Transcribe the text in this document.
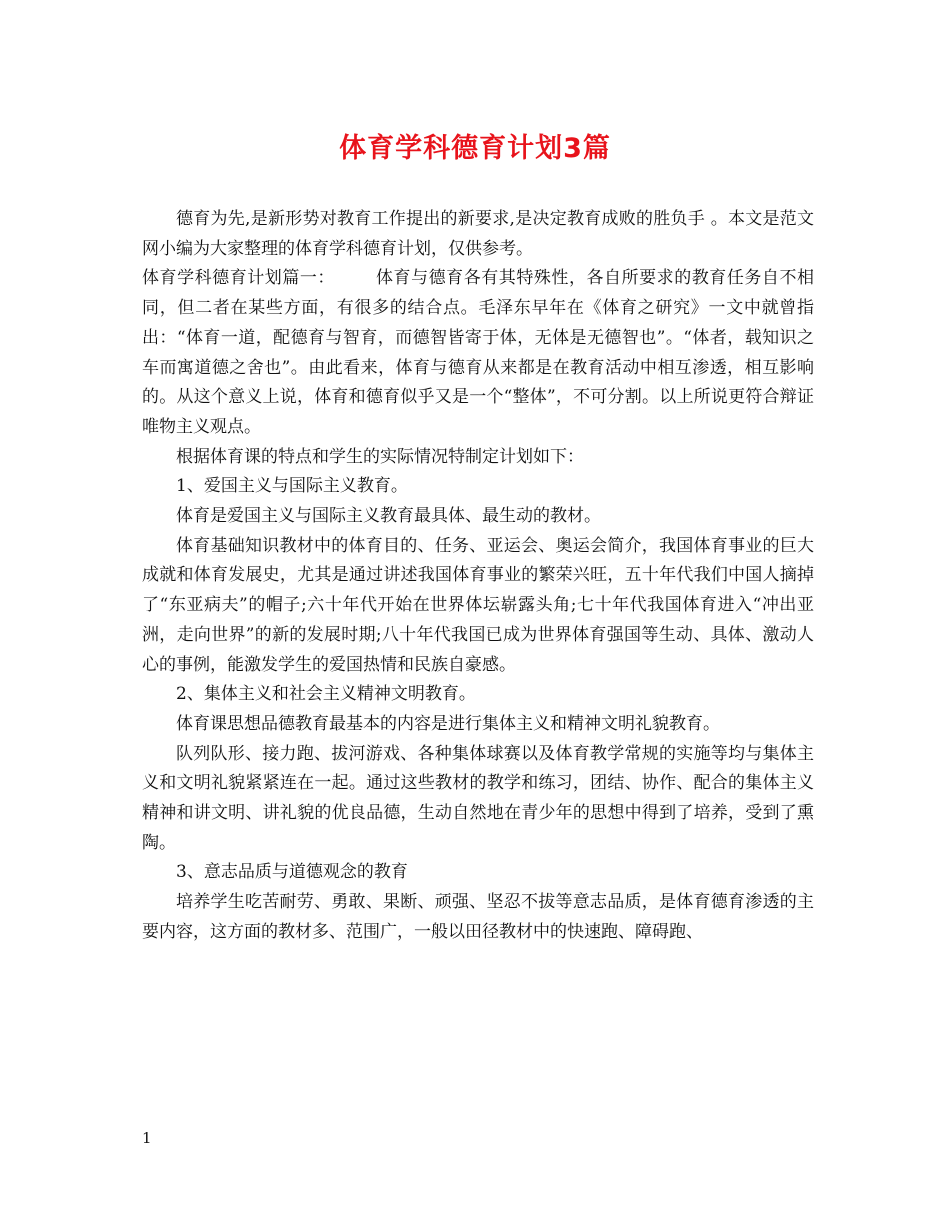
体育学科德育计划3篇

德育为先,是新形势对教育工作提出的新要求,是决定教育成败的胜负手 。本文是范文网小编为大家整理的体育学科德育计划，仅供参考。

体育学科德育计划篇一： 　　体育与德育各有其特殊性，各自所要求的教育任务自不相同，但二者在某些方面，有很多的结合点。毛泽东早年在《体育之研究》一文中就曾指出：“体育一道，配德育与智育，而德智皆寄于体，无体是无德智也”。“体者，载知识之车而寓道德之舍也”。由此看来，体育与德育从来都是在教育活动中相互渗透，相互影响的。从这个意义上说，体育和德育似乎又是一个“整体”，不可分割。以上所说更符合辩证唯物主义观点。

根据体育课的特点和学生的实际情况特制定计划如下：

1、爱国主义与国际主义教育。

体育是爱国主义与国际主义教育最具体、最生动的教材。

体育基础知识教材中的体育目的、任务、亚运会、奥运会简介，我国体育事业的巨大成就和体育发展史，尤其是通过讲述我国体育事业的繁荣兴旺，五十年代我们中国人摘掉了“东亚病夫”的帽子;六十年代开始在世界体坛崭露头角;七十年代我国体育进入“冲出亚洲，走向世界”的新的发展时期;八十年代我国已成为世界体育强国等生动、具体、激动人心的事例，能激发学生的爱国热情和民族自豪感。

2、集体主义和社会主义精神文明教育。

体育课思想品德教育最基本的内容是进行集体主义和精神文明礼貌教育。

队列队形、接力跑、拔河游戏、各种集体球赛以及体育教学常规的实施等均与集体主义和文明礼貌紧紧连在一起。通过这些教材的教学和练习，团结、协作、配合的集体主义精神和讲文明、讲礼貌的优良品德，生动自然地在青少年的思想中得到了培养，受到了熏陶。

3、意志品质与道德观念的教育

培养学生吃苦耐劳、勇敢、果断、顽强、坚忍不拔等意志品质，是体育德育渗透的主要内容，这方面的教材多、范围广，一般以田径教材中的快速跑、障碍跑、

1
